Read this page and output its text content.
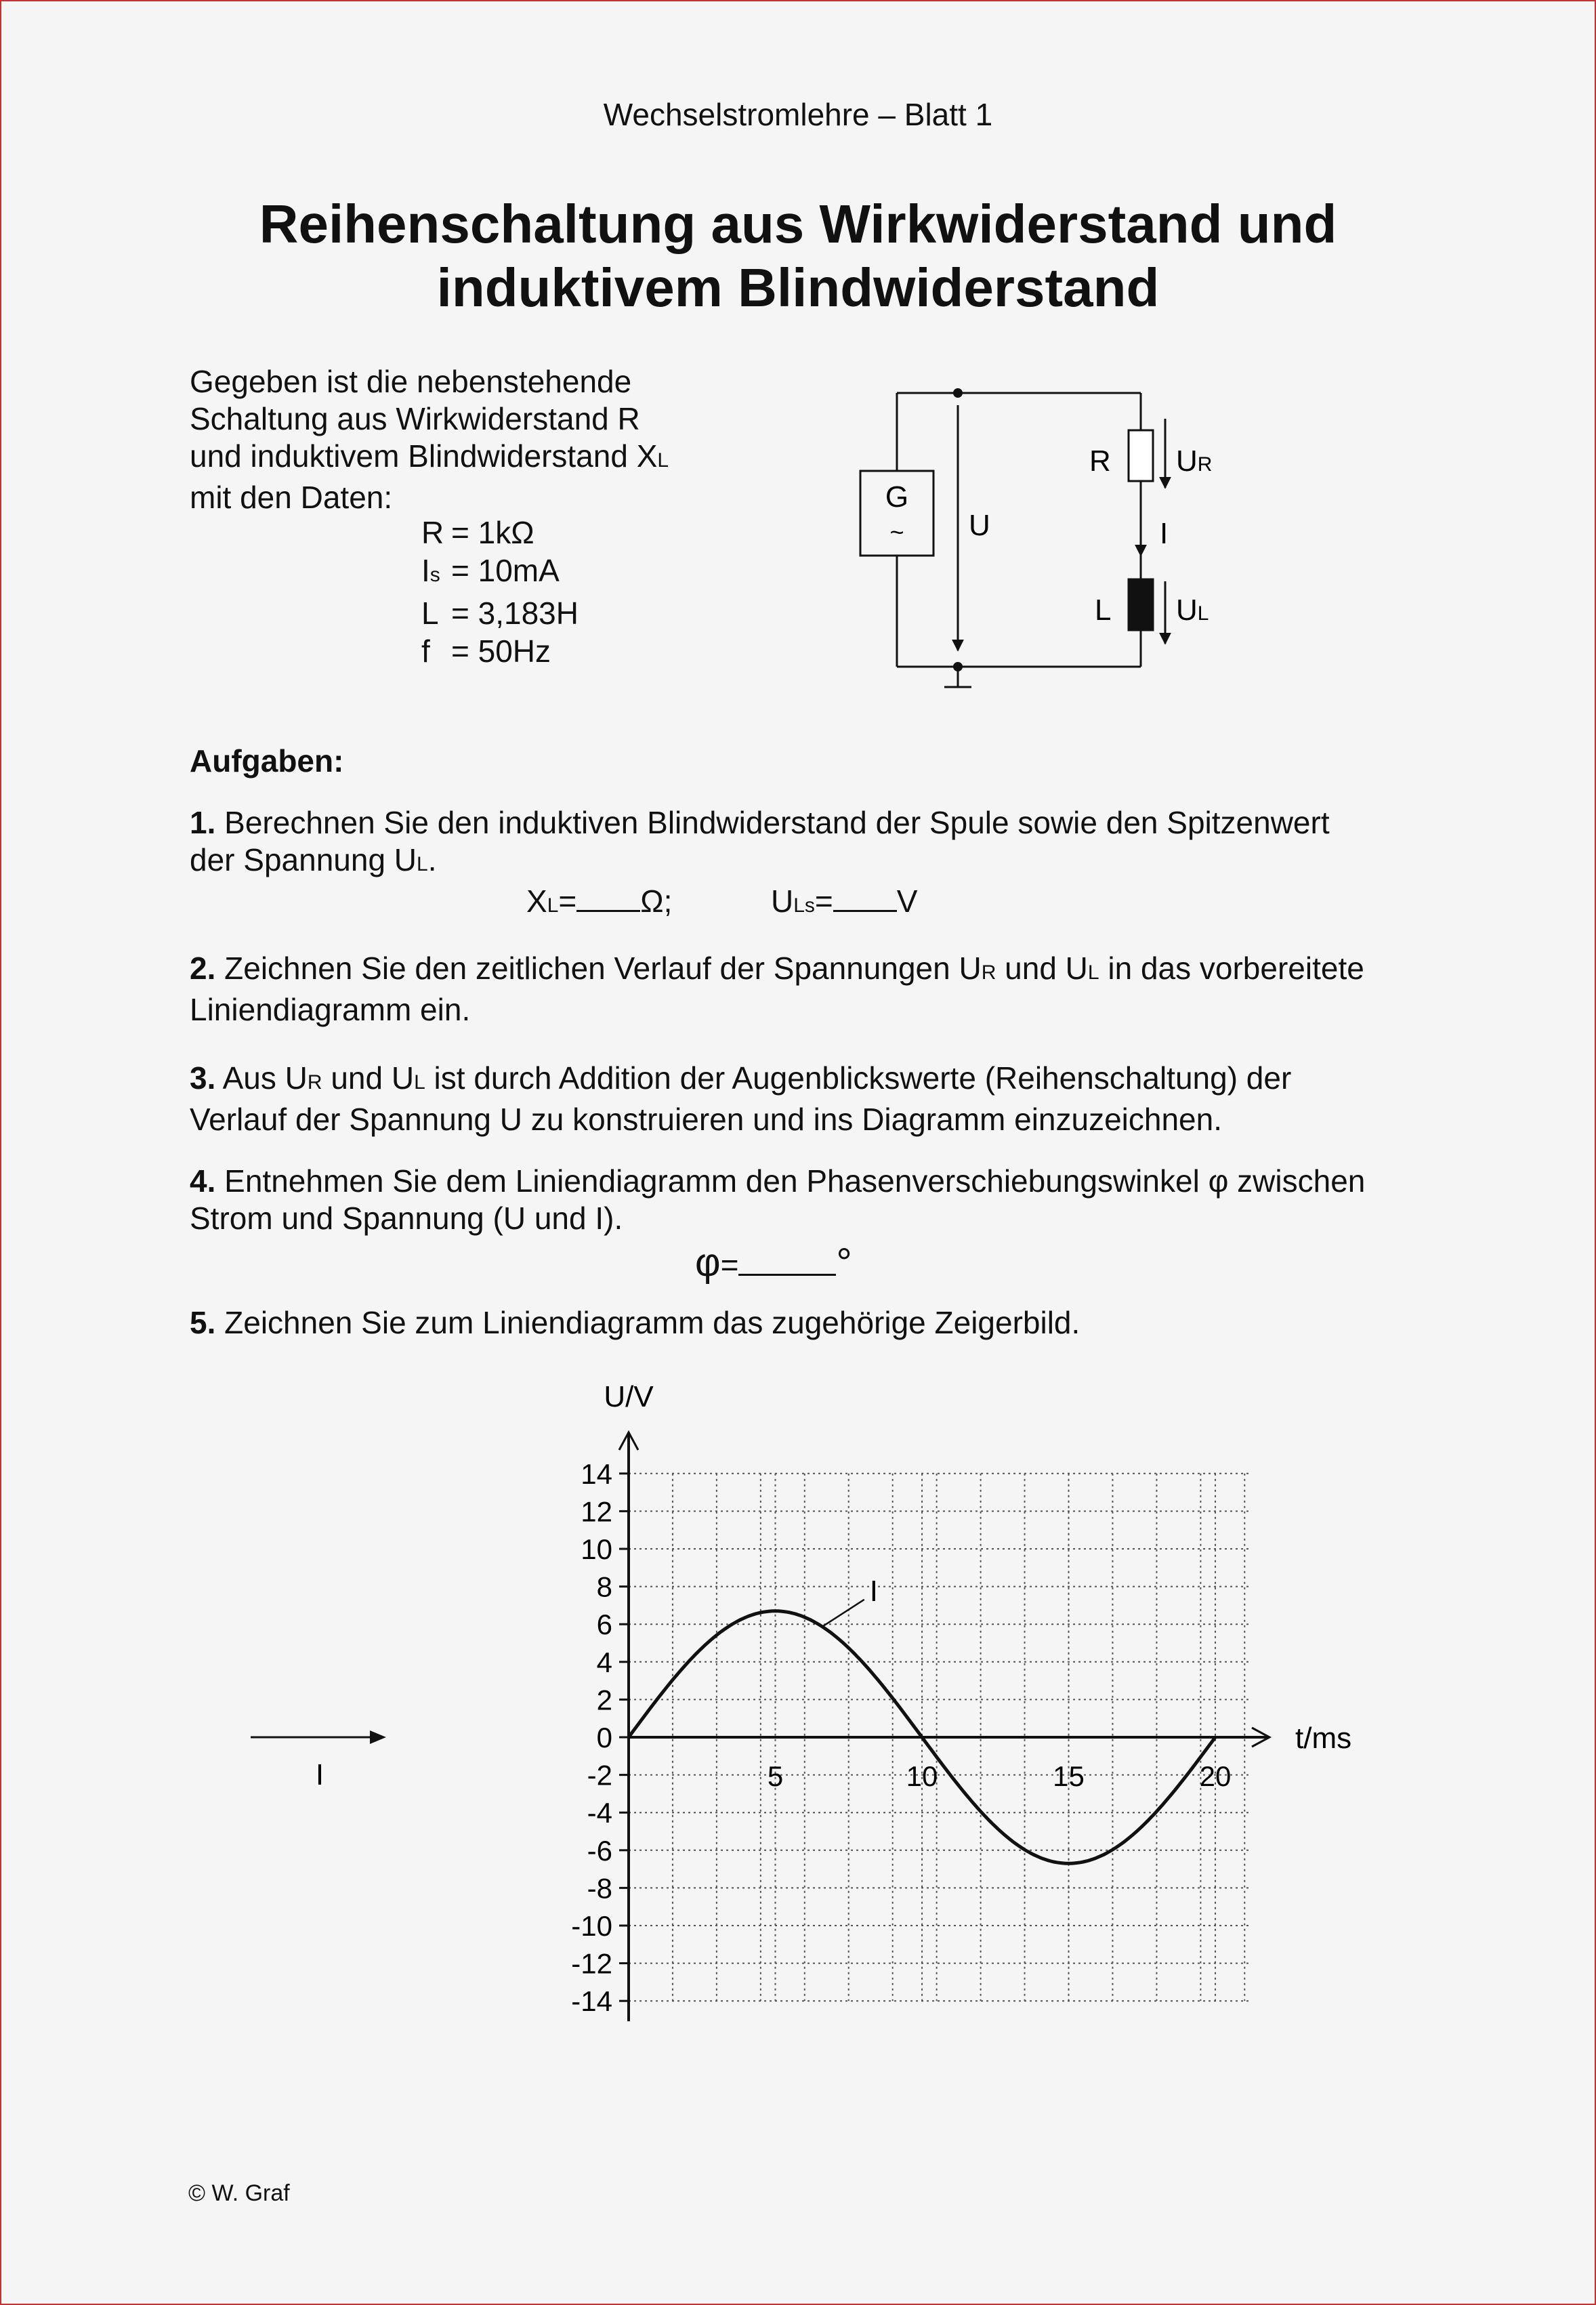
Wechselstromlehre – Blatt 1
Reihenschaltung aus Wirkwiderstand und
induktivem Blindwiderstand
Gegeben ist die nebenstehende
Schaltung aus Wirkwiderstand R
und induktivem Blindwiderstand XL
mit den Daten:
R	= 1kΩ
Is	= 10mA
L	= 3,183H
f	= 50Hz
G
~ U
R UR
I
L UL

Aufgaben:

1. Berechnen Sie den induktiven Blindwiderstand der Spule sowie den Spitzenwert

der Spannung UL.

XL= Ω;	ULs= V

2. Zeichnen Sie den zeitlichen Verlauf der Spannungen UR und UL in das vorbereitete

Liniendiagramm ein.

3. Aus UR und UL ist durch Addition der Augenblickswerte (Reihenschaltung) der

Verlauf der Spannung U zu konstruieren und ins Diagramm einzuzeichnen.

4. Entnehmen Sie dem Liniendiagramm den Phasenverschiebungswinkel φ zwischen

Strom und Spannung (U und I).

φ= °

5. Zeichnen Sie zum Liniendiagramm das zugehörige Zeigerbild.

I
14
12
10
8
6
4
2
0
-2
-4
-6
-8
-10
-12
-14
5	10	15	20
I
U/V
t/ms
© W. Graf
